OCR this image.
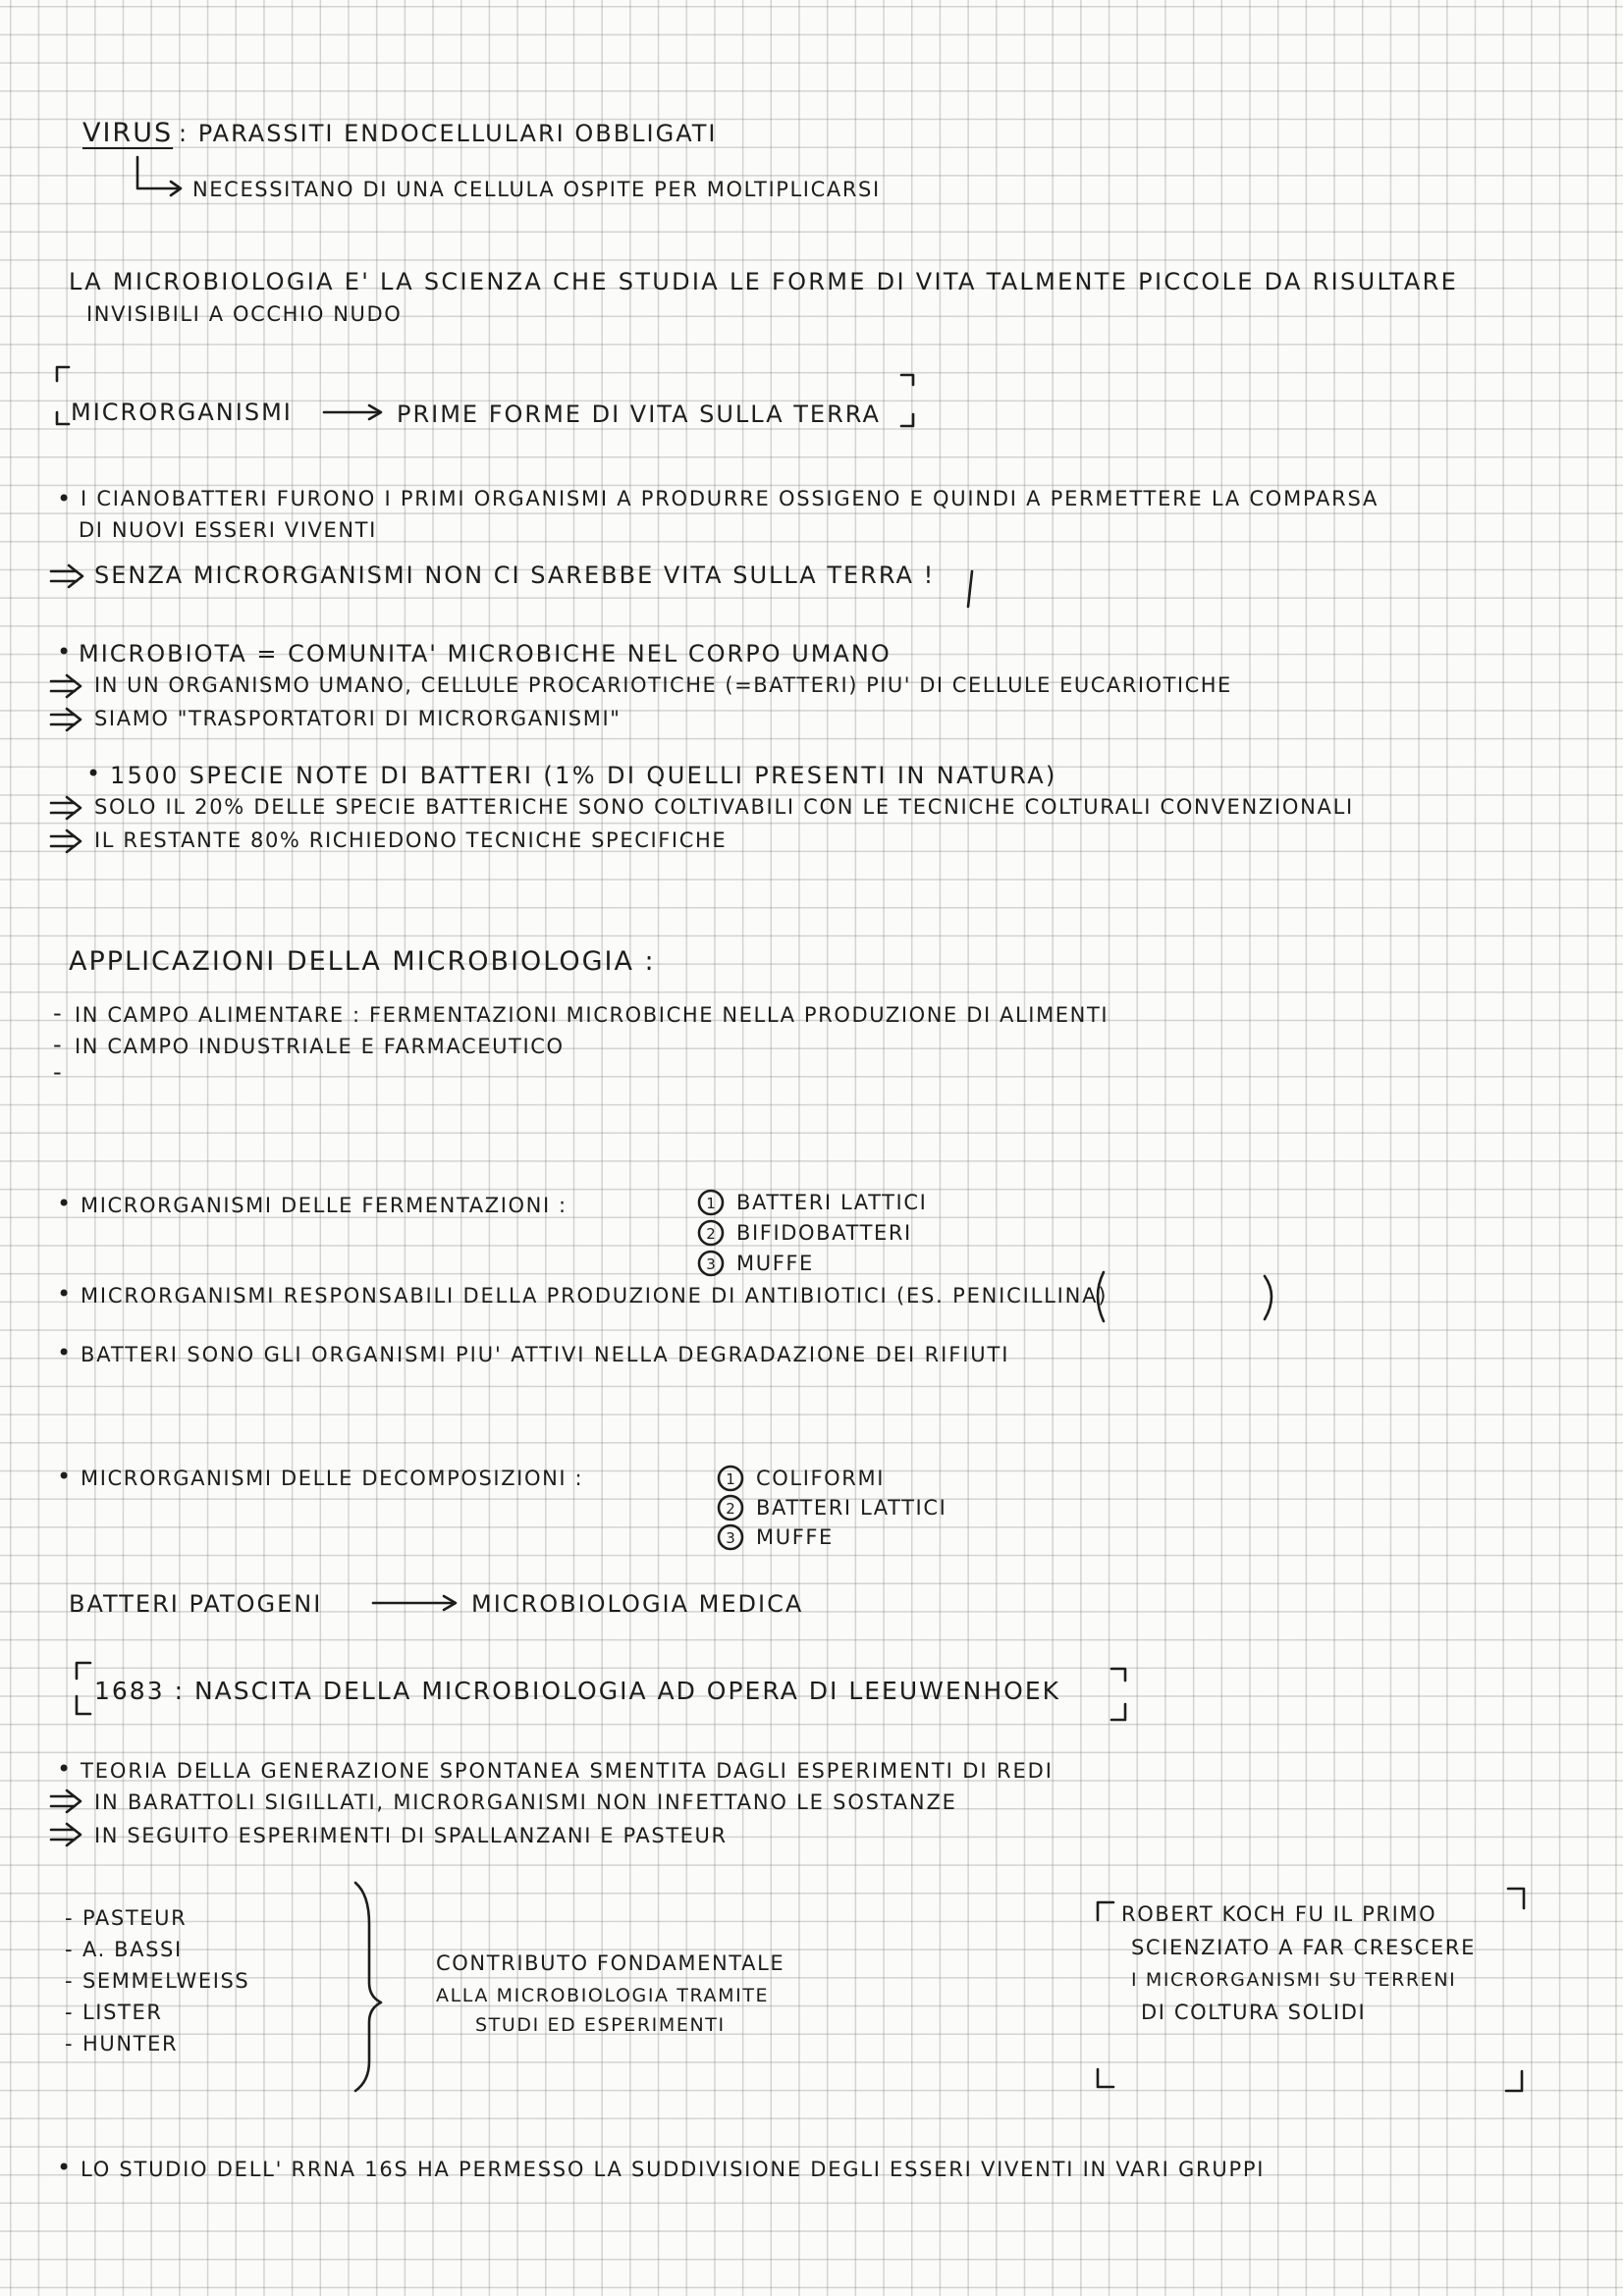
1
2
3
1
2
3
VIRUS : PARASSITI ENDOCELLULARI OBBLIGATI
NECESSITANO DI UNA CELLULA OSPITE PER MOLTIPLICARSI
LA MICROBIOLOGIA E' LA SCIENZA CHE STUDIA LE FORME DI VITA TALMENTE PICCOLE DA RISULTARE
INVISIBILI A OCCHIO NUDO
MICRORGANISMI	PRIME FORME DI VITA SULLA TERRA
• I CIANOBATTERI FURONO I PRIMI ORGANISMI A PRODURRE OSSIGENO E QUINDI A PERMETTERE LA COMPARSA
DI NUOVI ESSERI VIVENTI
SENZA MICRORGANISMI NON CI SAREBBE VITA SULLA TERRA !
• MICROBIOTA = COMUNITA' MICROBICHE NEL CORPO UMANO
IN UN ORGANISMO UMANO, CELLULE PROCARIOTICHE (=BATTERI) PIU' DI CELLULE EUCARIOTICHE
SIAMO "TRASPORTATORI DI MICRORGANISMI"
• 1500 SPECIE NOTE DI BATTERI (1% DI QUELLI PRESENTI IN NATURA)
SOLO IL 20% DELLE SPECIE BATTERICHE SONO COLTIVABILI CON LE TECNICHE COLTURALI CONVENZIONALI
IL RESTANTE 80% RICHIEDONO TECNICHE SPECIFICHE
APPLICAZIONI DELLA MICROBIOLOGIA :
- IN CAMPO ALIMENTARE : FERMENTAZIONI MICROBICHE NELLA PRODUZIONE DI ALIMENTI
- IN CAMPO INDUSTRIALE E FARMACEUTICO
-
• MICRORGANISMI DELLE FERMENTAZIONI :	BATTERI LATTICI
BIFIDOBATTERI
MUFFE
• MICRORGANISMI RESPONSABILI DELLA PRODUZIONE DI ANTIBIOTICI (ES. PENICILLINA)
• BATTERI SONO GLI ORGANISMI PIU' ATTIVI NELLA DEGRADAZIONE DEI RIFIUTI
• MICRORGANISMI DELLE DECOMPOSIZIONI :	COLIFORMI
BATTERI LATTICI
MUFFE
BATTERI PATOGENI	MICROBIOLOGIA MEDICA
1683 : NASCITA DELLA MICROBIOLOGIA AD OPERA DI LEEUWENHOEK
• TEORIA DELLA GENERAZIONE SPONTANEA SMENTITA DAGLI ESPERIMENTI DI REDI
IN BARATTOLI SIGILLATI, MICRORGANISMI NON INFETTANO LE SOSTANZE
IN SEGUITO ESPERIMENTI DI SPALLANZANI E PASTEUR
- PASTEUR
- A. BASSI
- SEMMELWEISS
- LISTER
- HUNTER
CONTRIBUTO FONDAMENTALE
ALLA MICROBIOLOGIA TRAMITE
STUDI ED ESPERIMENTI
ROBERT KOCH FU IL PRIMO
SCIENZIATO A FAR CRESCERE
I MICRORGANISMI SU TERRENI
DI COLTURA SOLIDI
• LO STUDIO DELL' RRNA 16S HA PERMESSO LA SUDDIVISIONE DEGLI ESSERI VIVENTI IN VARI GRUPPI
